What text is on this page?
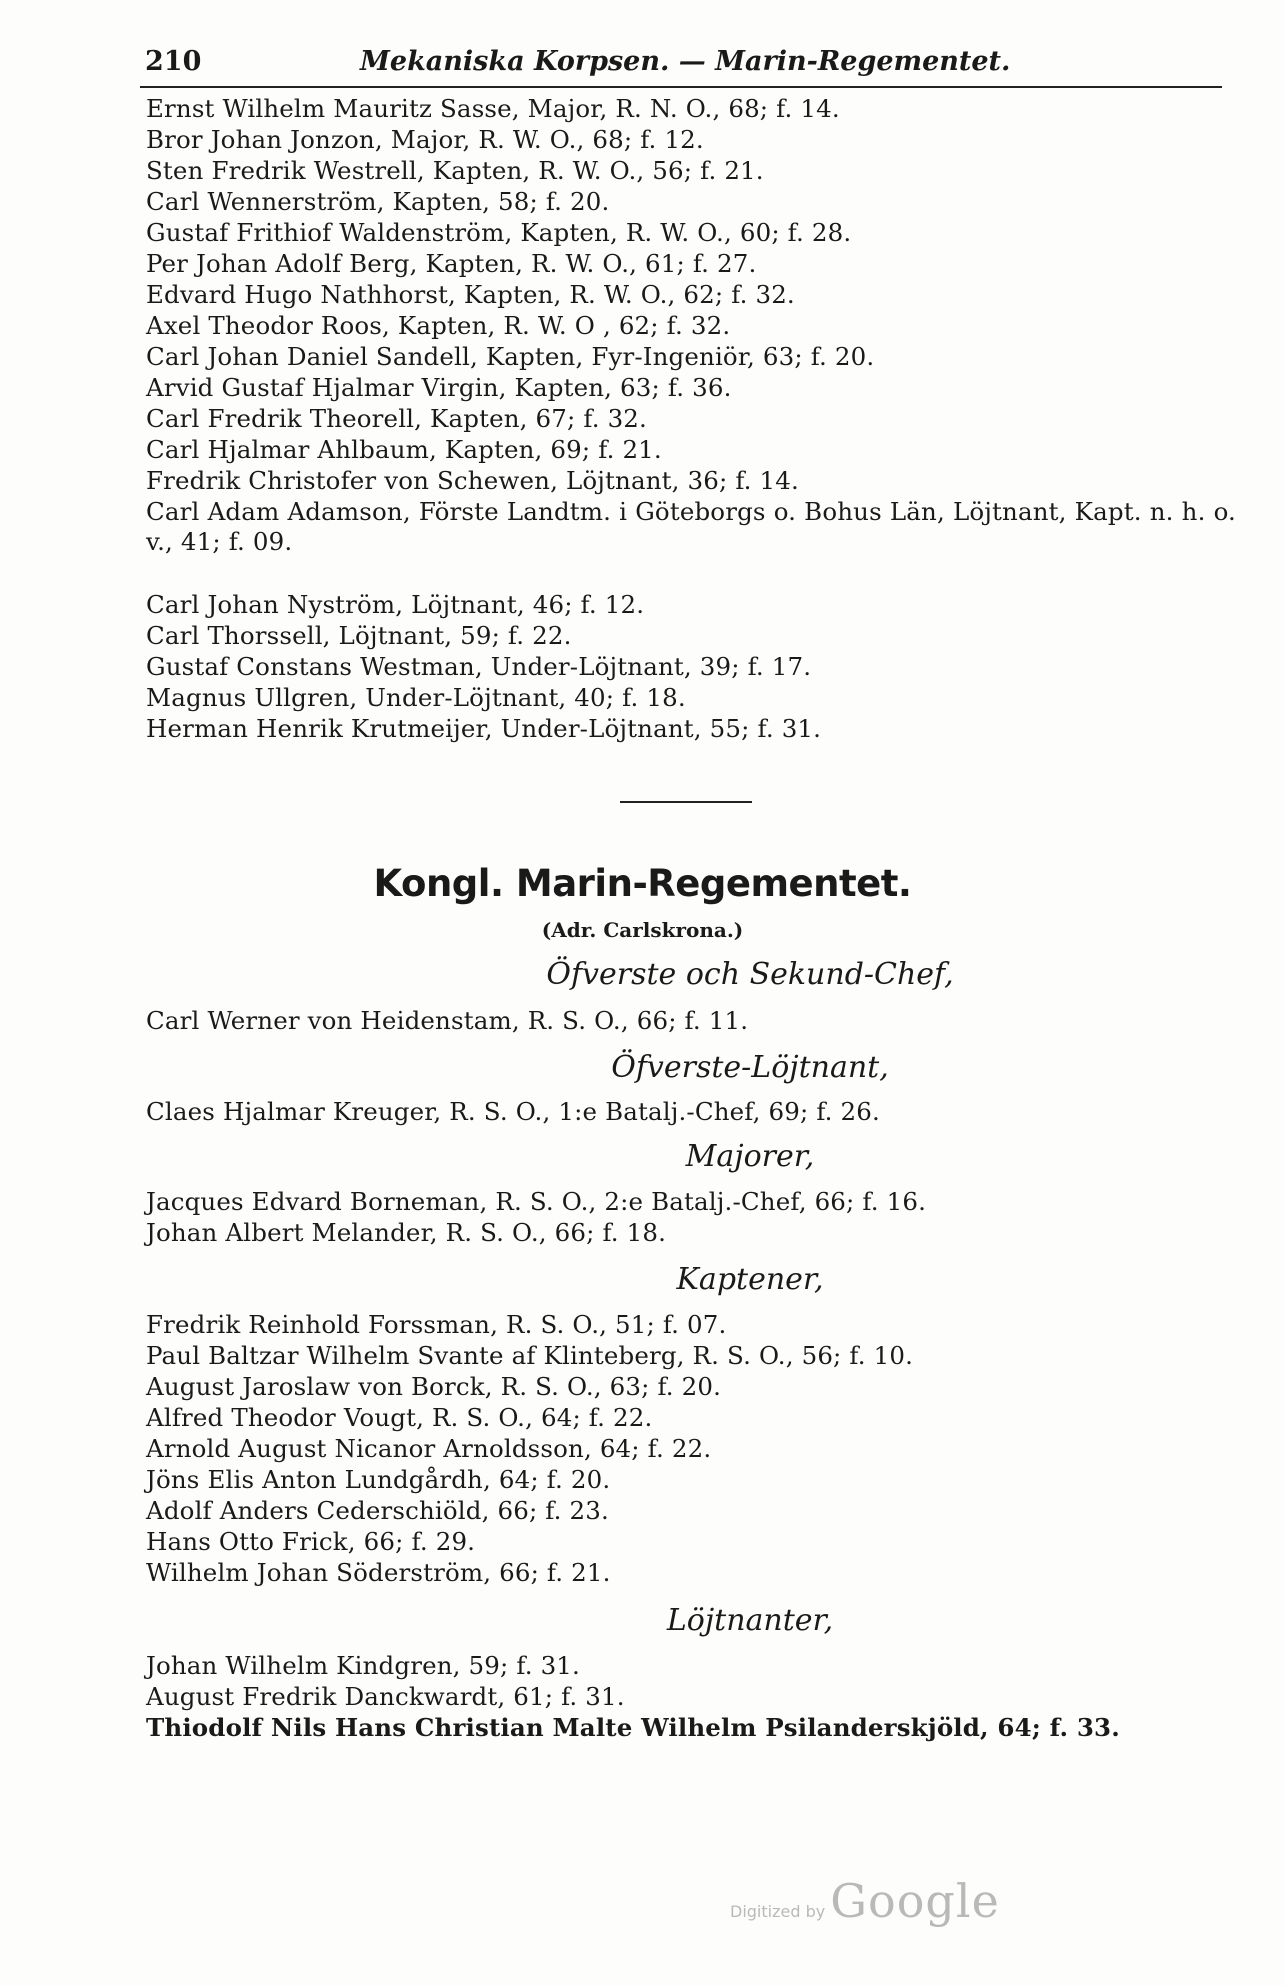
210	Mekaniska Korpsen. — Marin-Regementet.
Ernst Wilhelm Mauritz Sasse, Major, R. N. O., 68; f. 14.
Bror Johan Jonzon, Major, R. W. O., 68; f. 12.
Sten Fredrik Westrell, Kapten, R. W. O., 56; f. 21.
Carl Wennerström, Kapten, 58; f. 20.
Gustaf Frithiof Waldenström, Kapten, R. W. O., 60; f. 28.
Per Johan Adolf Berg, Kapten, R. W. O., 61; f. 27.
Edvard Hugo Nathhorst, Kapten, R. W. O., 62; f. 32.
Axel Theodor Roos, Kapten, R. W. O , 62; f. 32.
Carl Johan Daniel Sandell, Kapten, Fyr-Ingeniör, 63; f. 20.
Arvid Gustaf Hjalmar Virgin, Kapten, 63; f. 36.
Carl Fredrik Theorell, Kapten, 67; f. 32.
Carl Hjalmar Ahlbaum, Kapten, 69; f. 21.
Fredrik Christofer von Schewen, Löjtnant, 36; f. 14.
Carl Adam Adamson, Förste Landtm. i Göteborgs o. Bohus Län, Löjtnant, Kapt. n. h. o. v., 41; f. 09.
Carl Johan Nyström, Löjtnant, 46; f. 12.
Carl Thorssell, Löjtnant, 59; f. 22.
Gustaf Constans Westman, Under-Löjtnant, 39; f. 17.
Magnus Ullgren, Under-Löjtnant, 40; f. 18.
Herman Henrik Krutmeijer, Under-Löjtnant, 55; f. 31.
Kongl. Marin-Regementet.
(Adr. Carlskrona.)
Öfverste och Sekund-Chef,
Carl Werner von Heidenstam, R. S. O., 66; f. 11.
Öfverste-Löjtnant,
Claes Hjalmar Kreuger, R. S. O., 1:e Batalj.-Chef, 69; f. 26.
Majorer,
Jacques Edvard Borneman, R. S. O., 2:e Batalj.-Chef, 66; f. 16.
Johan Albert Melander, R. S. O., 66; f. 18.
Kaptener,
Fredrik Reinhold Forssman, R. S. O., 51; f. 07.
Paul Baltzar Wilhelm Svante af Klinteberg, R. S. O., 56; f. 10.
August Jaroslaw von Borck, R. S. O., 63; f. 20.
Alfred Theodor Vougt, R. S. O., 64; f. 22.
Arnold August Nicanor Arnoldsson, 64; f. 22.
Jöns Elis Anton Lundgårdh, 64; f. 20.
Adolf Anders Cederschiöld, 66; f. 23.
Hans Otto Frick, 66; f. 29.
Wilhelm Johan Söderström, 66; f. 21.
Löjtnanter,
Johan Wilhelm Kindgren, 59; f. 31.
August Fredrik Danckwardt, 61; f. 31.
Thiodolf Nils Hans Christian Malte Wilhelm Psilanderskjöld, 64; f. 33.
Digitized by Google
